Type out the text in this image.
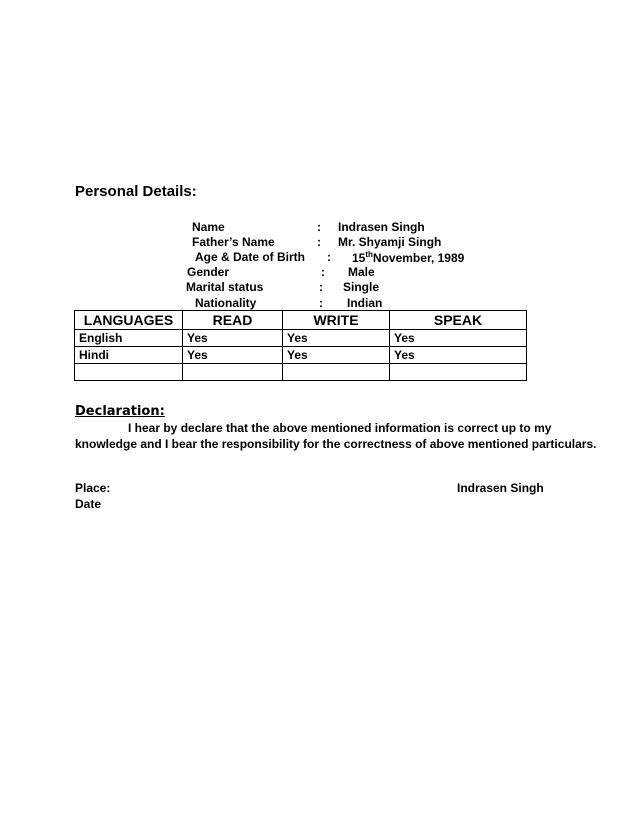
Personal Details:
Name	: Indrasen Singh
Father’s Name	: Mr. Shyamji Singh
Age & Date of Birth : 15thNovember, 1989
Gender	: Male
Marital status	: Single
Nationality	: Indian
LANGUAGES	READ	WRITE	SPEAK
English	Yes	Yes	Yes
Hindi	Yes	Yes	Yes

Declaration:
I hear by declare that the above mentioned information is correct up to my
knowledge and I bear the responsibility for the correctness of above mentioned particulars.
Place:
Date
Indrasen Singh
